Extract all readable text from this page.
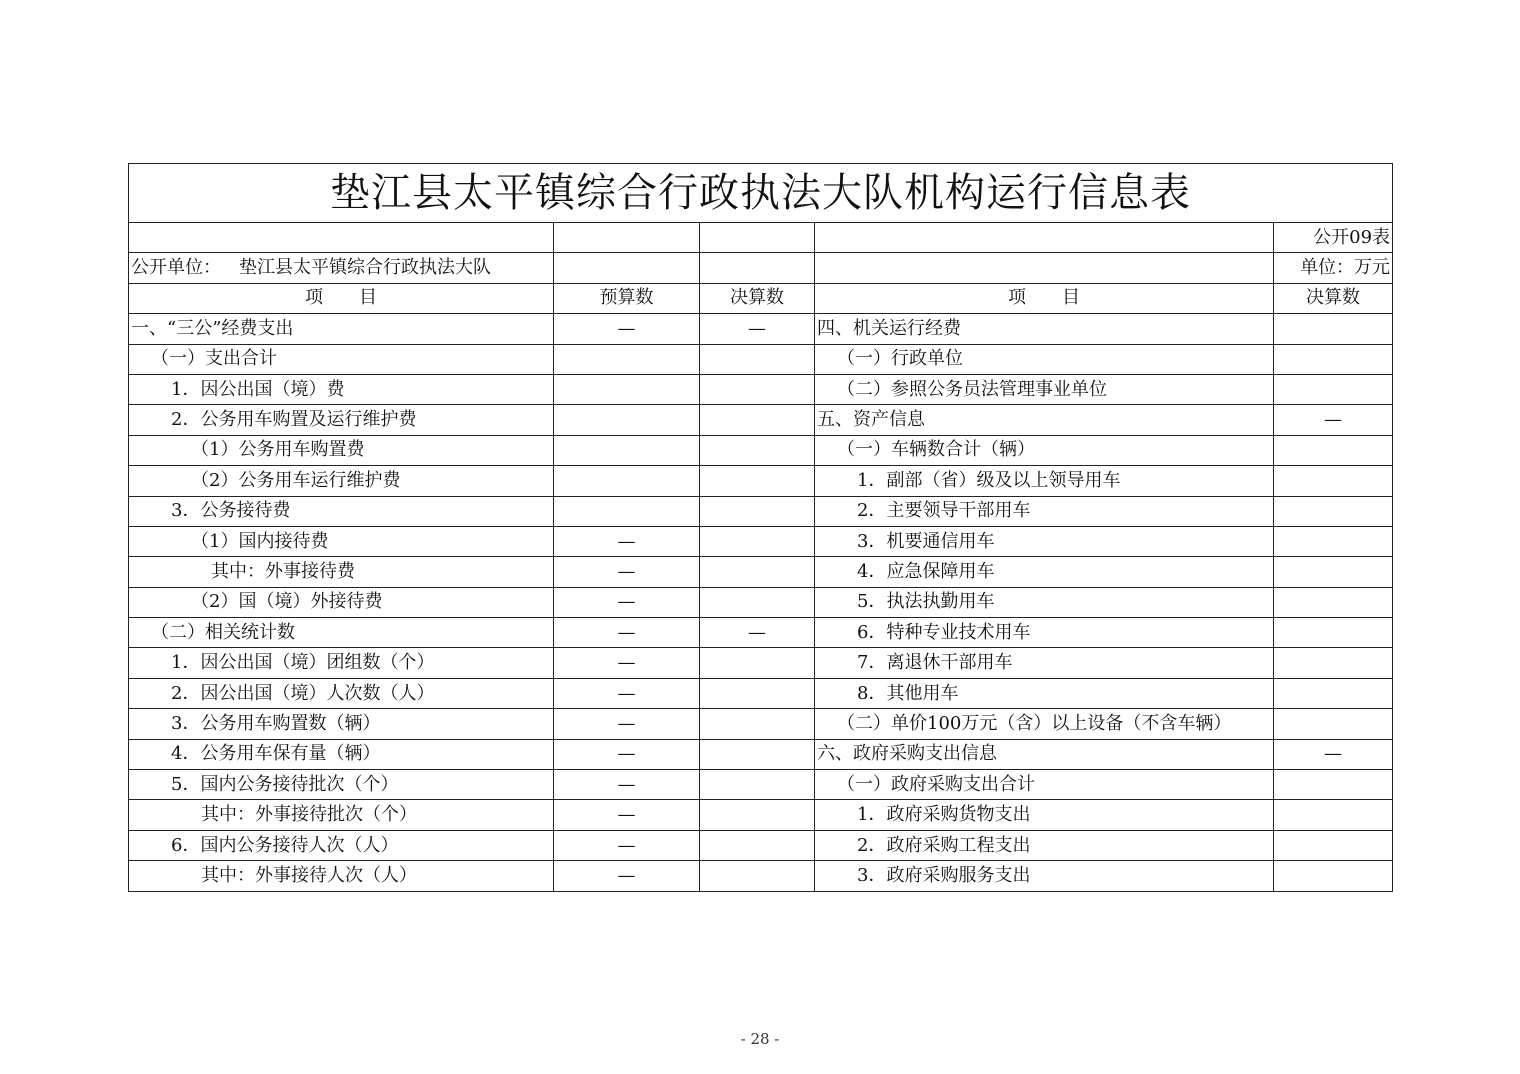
垫江县太平镇综合行政执法大队机构运行信息表				
				公开09表
公开单位： 垫江县太平镇综合行政执法大队				单位：万元
项　　目	预算数	决算数	项　　目	决算数
一、“三公”经费支出	—	—	四、机关运行经费	
（一）支出合计			（一）行政单位	
1．因公出国（境）费			（二）参照公务员法管理事业单位	
2．公务用车购置及运行维护费			五、资产信息	—
（1）公务用车购置费			（一）车辆数合计（辆）	
（2）公务用车运行维护费			1．副部（省）级及以上领导用车	
3．公务接待费			2．主要领导干部用车	
（1）国内接待费	—		3．机要通信用车	
其中：外事接待费	—		4．应急保障用车	
（2）国（境）外接待费	—		5．执法执勤用车	
（二）相关统计数	—	—	6．特种专业技术用车	
1．因公出国（境）团组数（个）	—		7．离退休干部用车	
2．因公出国（境）人次数（人）	—		8．其他用车	
3．公务用车购置数（辆）	—		（二）单价100万元（含）以上设备（不含车辆）	
4．公务用车保有量（辆）	—		六、政府采购支出信息	—
5．国内公务接待批次（个）	—		（一）政府采购支出合计	
其中：外事接待批次（个）	—		1．政府采购货物支出	
6．国内公务接待人次（人）	—		2．政府采购工程支出	
其中：外事接待人次（人）	—		3．政府采购服务支出	
- 28 -
